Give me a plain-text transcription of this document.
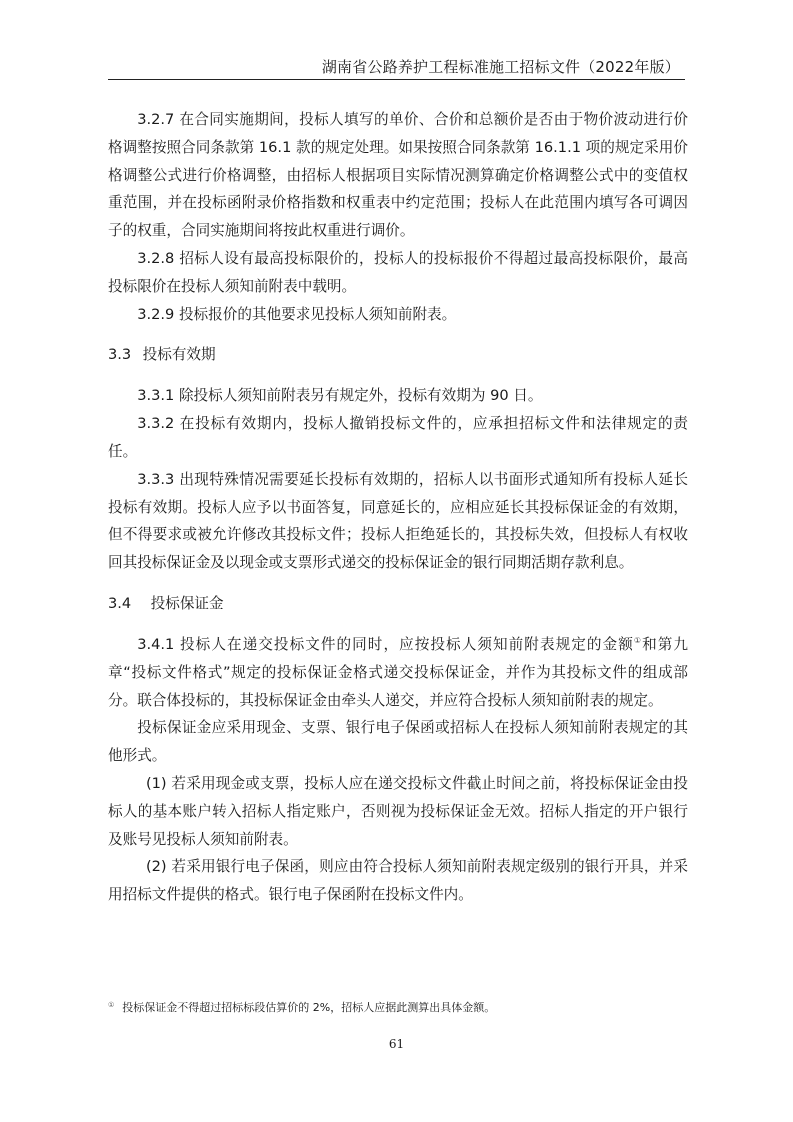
湖南省公路养护工程标准施工招标文件（2022年版）

3.2.7 在合同实施期间，投标人填写的单价、合价和总额价是否由于物价波动进行价格调整按照合同条款第 16.1 款的规定处理。如果按照合同条款第 16.1.1 项的规定采用价格调整公式进行价格调整，由招标人根据项目实际情况测算确定价格调整公式中的变值权重范围，并在投标函附录价格指数和权重表中约定范围；投标人在此范围内填写各可调因子的权重，合同实施期间将按此权重进行调价。

3.2.8 招标人设有最高投标限价的，投标人的投标报价不得超过最高投标限价，最高投标限价在投标人须知前附表中载明。

3.2.9 投标报价的其他要求见投标人须知前附表。

3.3 投标有效期

3.3.1 除投标人须知前附表另有规定外，投标有效期为 90 日。

3.3.2 在投标有效期内，投标人撤销投标文件的，应承担招标文件和法律规定的责任。

3.3.3 出现特殊情况需要延长投标有效期的，招标人以书面形式通知所有投标人延长投标有效期。投标人应予以书面答复，同意延长的，应相应延长其投标保证金的有效期，但不得要求或被允许修改其投标文件；投标人拒绝延长的，其投标失效，但投标人有权收回其投标保证金及以现金或支票形式递交的投标保证金的银行同期活期存款利息。

3.4 投标保证金

3.4.1 投标人在递交投标文件的同时，应按投标人须知前附表规定的金额①和第九章“投标文件格式”规定的投标保证金格式递交投标保证金，并作为其投标文件的组成部分。联合体投标的，其投标保证金由牵头人递交，并应符合投标人须知前附表的规定。

投标保证金应采用现金、支票、银行电子保函或招标人在投标人须知前附表规定的其他形式。

(1) 若采用现金或支票，投标人应在递交投标文件截止时间之前，将投标保证金由投标人的基本账户转入招标人指定账户，否则视为投标保证金无效。招标人指定的开户银行及账号见投标人须知前附表。

(2) 若采用银行电子保函，则应由符合投标人须知前附表规定级别的银行开具，并采用招标文件提供的格式。银行电子保函附在投标文件内。

① 投标保证金不得超过招标标段估算价的 2%，招标人应据此测算出具体金额。
61
